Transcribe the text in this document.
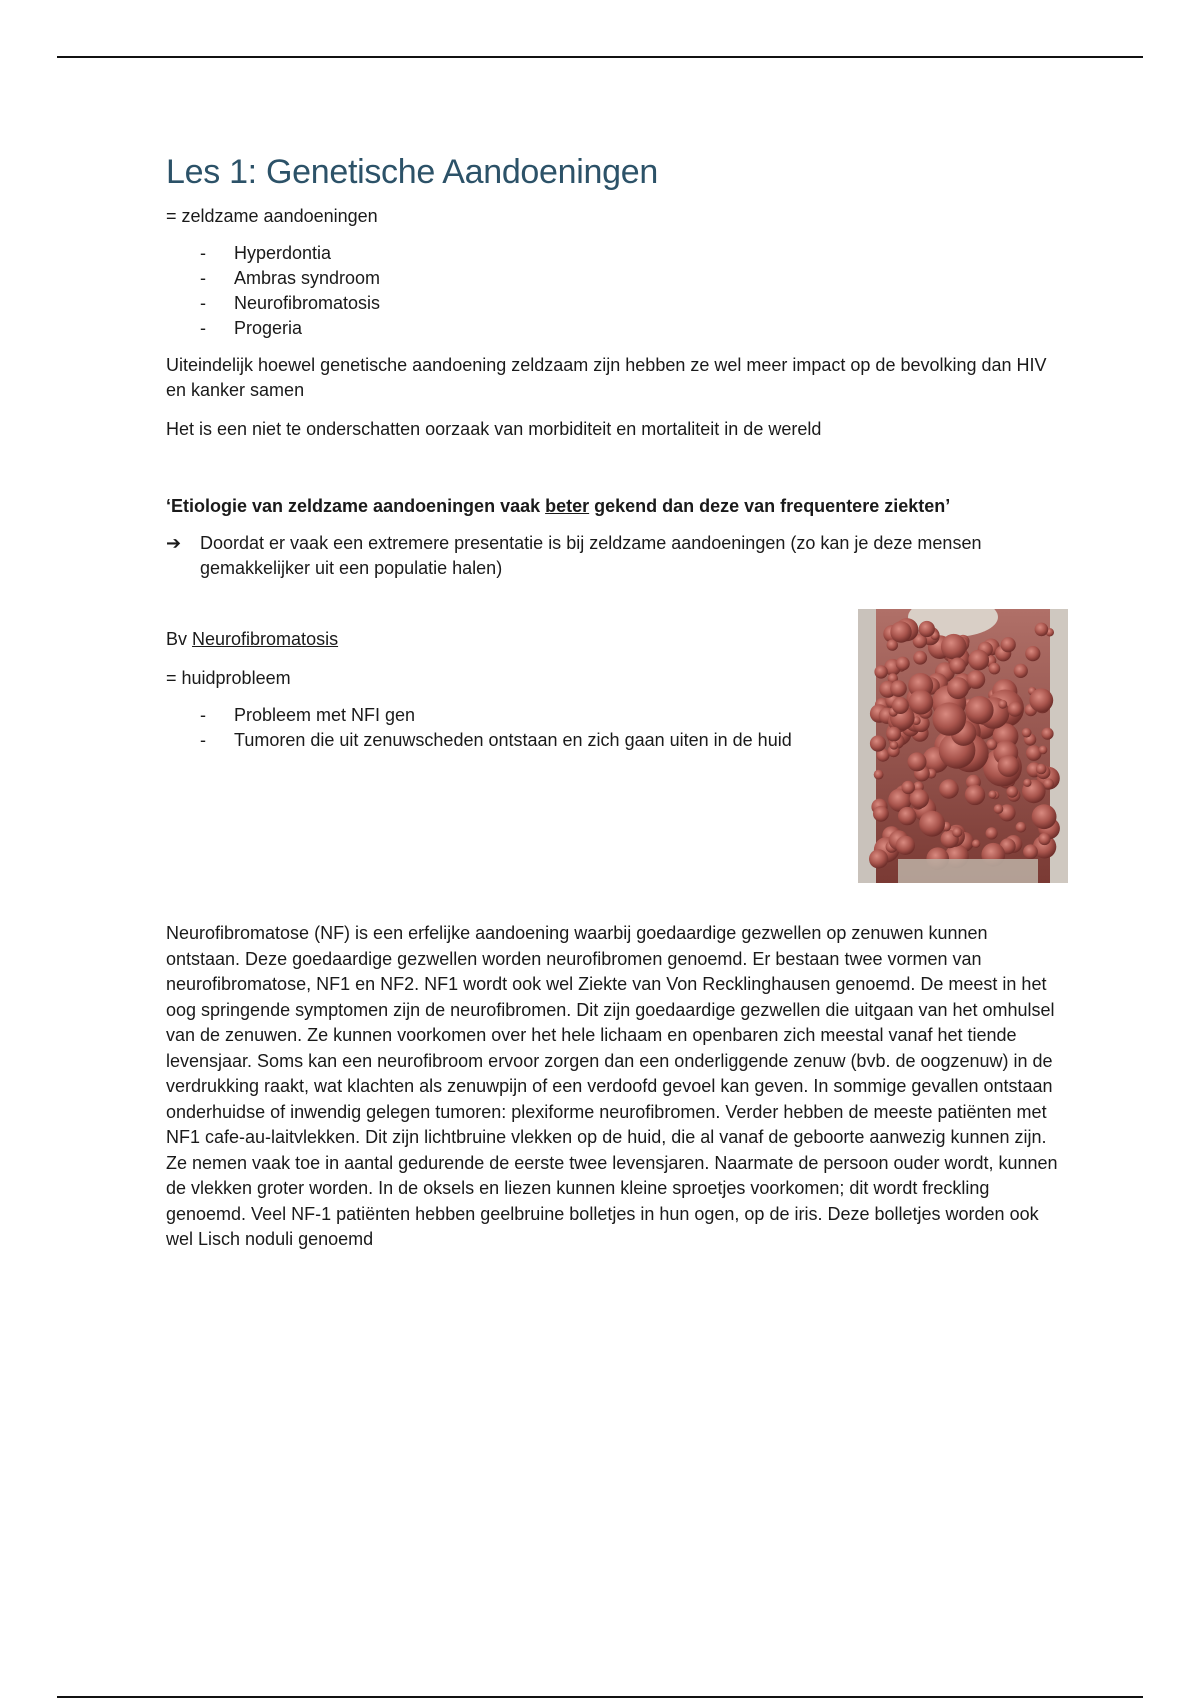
Les 1: Genetische Aandoeningen

= zeldzame aandoeningen

- Hyperdontia
- Ambras syndroom
- Neurofibromatosis
- Progeria

Uiteindelijk hoewel genetische aandoening zeldzaam zijn hebben ze wel meer impact op de bevolking dan HIV en kanker samen

Het is een niet te onderschatten oorzaak van morbiditeit en mortaliteit in de wereld

‘Etiologie van zeldzame aandoeningen vaak beter gekend dan deze van frequentere ziekten’

➔ Doordat er vaak een extremere presentatie is bij zeldzame aandoeningen (zo kan je deze mensen gemakkelijker uit een populatie halen)

Bv Neurofibromatosis

= huidprobleem

- Probleem met NFI gen
- Tumoren die uit zenuwscheden ontstaan en zich gaan uiten in de huid

Neurofibromatose (NF) is een erfelijke aandoening waarbij goedaardige gezwellen op zenuwen kunnen ontstaan. Deze goedaardige gezwellen worden neurofibromen genoemd. Er bestaan twee vormen van neurofibromatose, NF1 en NF2. NF1 wordt ook wel Ziekte van Von Recklinghausen genoemd. De meest in het oog springende symptomen zijn de neurofibromen. Dit zijn goedaardige gezwellen die uitgaan van het omhulsel van de zenuwen. Ze kunnen voorkomen over het hele lichaam en openbaren zich meestal vanaf het tiende levensjaar. Soms kan een neurofibroom ervoor zorgen dan een onderliggende zenuw (bvb. de oogzenuw) in de verdrukking raakt, wat klachten als zenuwpijn of een verdoofd gevoel kan geven. In sommige gevallen ontstaan onderhuidse of inwendig gelegen tumoren: plexiforme neurofibromen. Verder hebben de meeste patiënten met NF1 cafe-au-laitvlekken. Dit zijn lichtbruine vlekken op de huid, die al vanaf de geboorte aanwezig kunnen zijn. Ze nemen vaak toe in aantal gedurende de eerste twee levensjaren. Naarmate de persoon ouder wordt, kunnen de vlekken groter worden. In de oksels en liezen kunnen kleine sproetjes voorkomen; dit wordt freckling genoemd. Veel NF-1 patiënten hebben geelbruine bolletjes in hun ogen, op de iris. Deze bolletjes worden ook wel Lisch noduli genoemd
